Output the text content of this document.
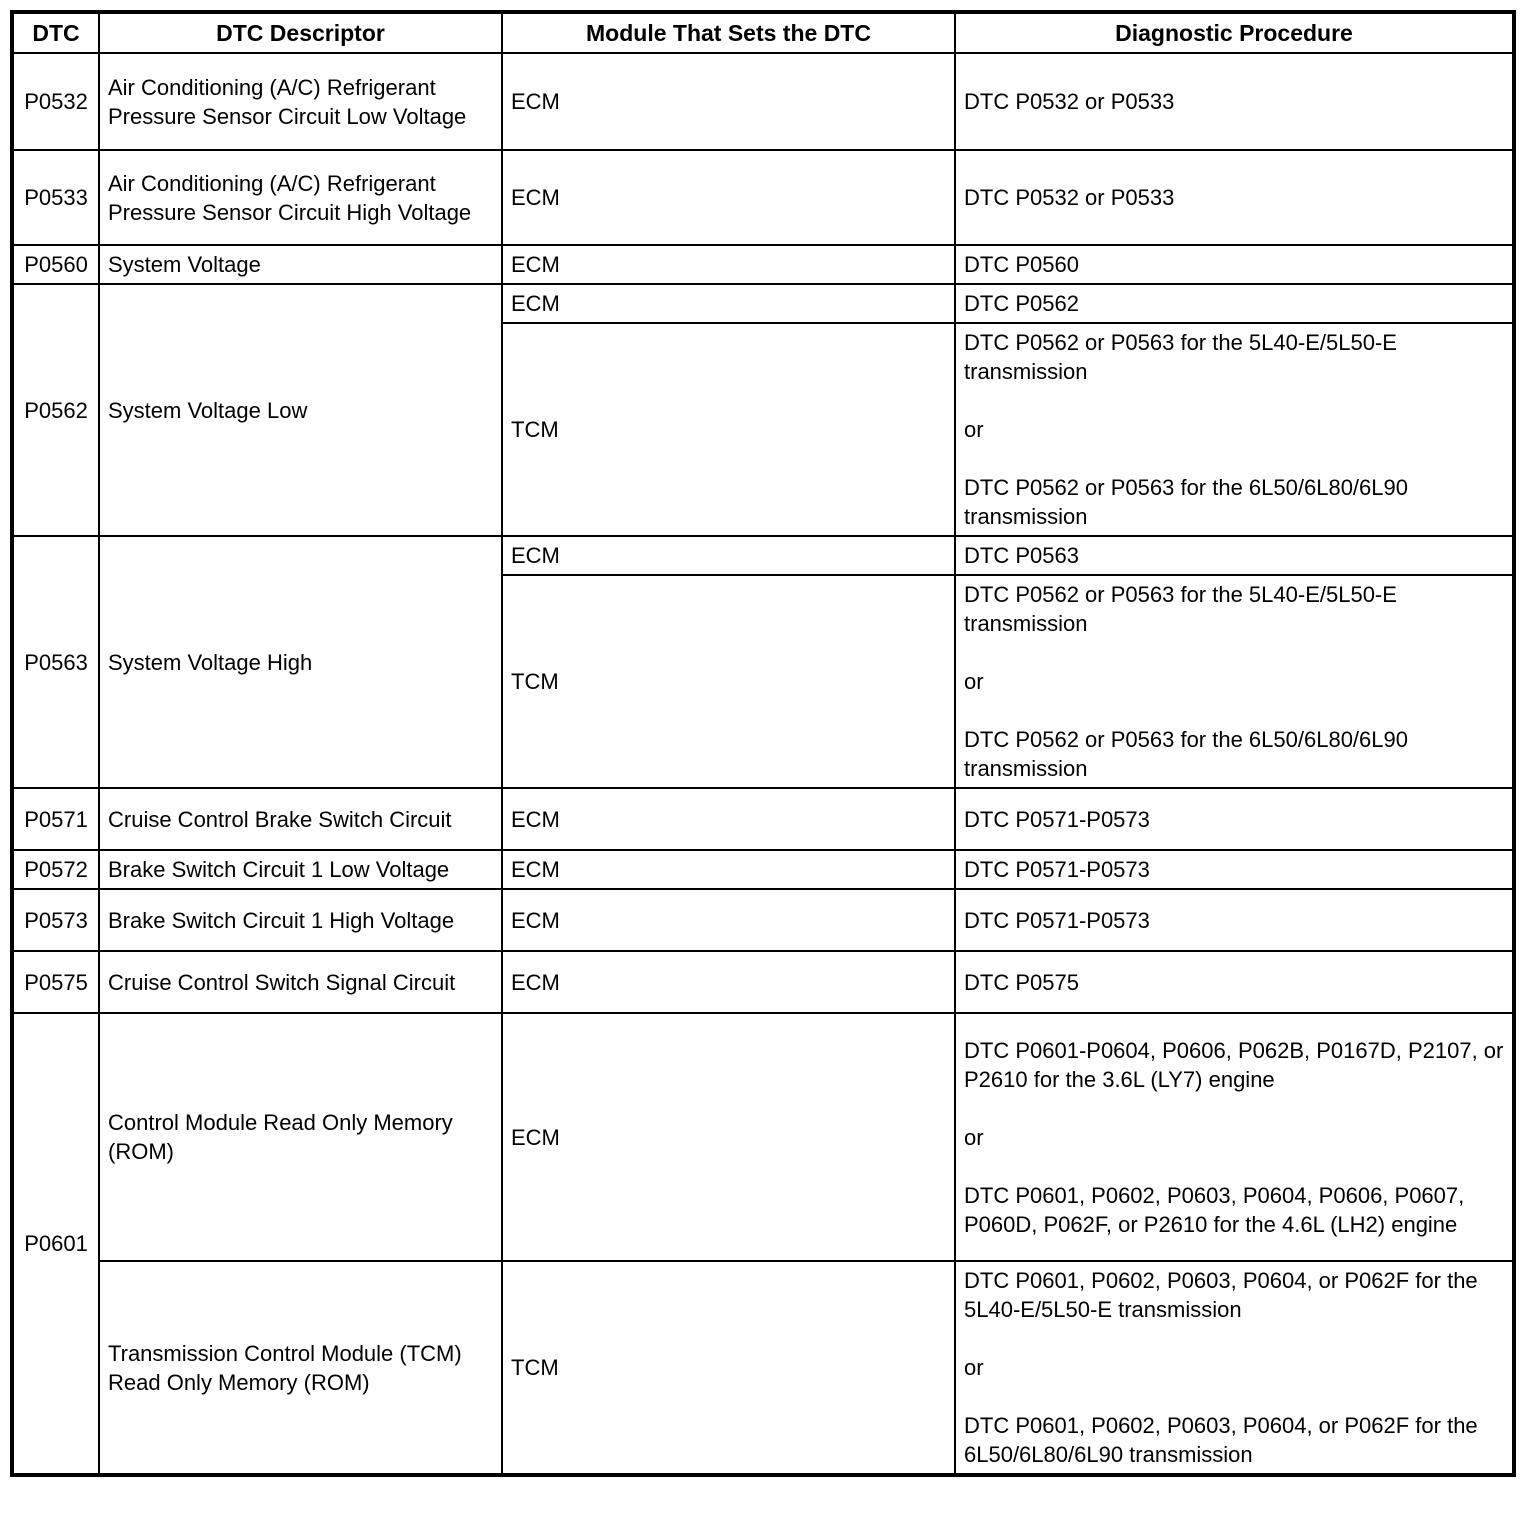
DTC	DTC Descriptor	Module That Sets the DTC	Diagnostic Procedure
P0532	Air Conditioning (A/C) Refrigerant Pressure Sensor Circuit Low Voltage	ECM	DTC P0532 or P0533

P0533	Air Conditioning (A/C) Refrigerant Pressure Sensor Circuit High Voltage	ECM	DTC P0532 or P0533

P0560	System Voltage	ECM	DTC P0560

P0562	System Voltage Low	ECM	DTC P0562

		TCM	DTC P0562 or P0563 for the 5L40-E/5L50-E transmission
or
DTC P0562 or P0563 for the 6L50/6L80/6L90 transmission

P0563	System Voltage High	ECM	DTC P0563

		TCM	DTC P0562 or P0563 for the 5L40-E/5L50-E transmission
or
DTC P0562 or P0563 for the 6L50/6L80/6L90 transmission

P0571	Cruise Control Brake Switch Circuit	ECM	DTC P0571-P0573

P0572	Brake Switch Circuit 1 Low Voltage	ECM	DTC P0571-P0573

P0573	Brake Switch Circuit 1 High Voltage	ECM	DTC P0571-P0573

P0575	Cruise Control Switch Signal Circuit	ECM	DTC P0575

P0601	Control Module Read Only Memory (ROM)	ECM	DTC P0601-P0604, P0606, P062B, P0167D, P2107, or P2610 for the 3.6L (LY7) engine
or
DTC P0601, P0602, P0603, P0604, P0606, P0607, P060D, P062F, or P2610 for the 4.6L (LH2) engine

	Transmission Control Module (TCM) Read Only Memory (ROM)	TCM	DTC P0601, P0602, P0603, P0604, or P062F for the 5L40-E/5L50-E transmission
or
DTC P0601, P0602, P0603, P0604, or P062F for the 6L50/6L80/6L90 transmission
